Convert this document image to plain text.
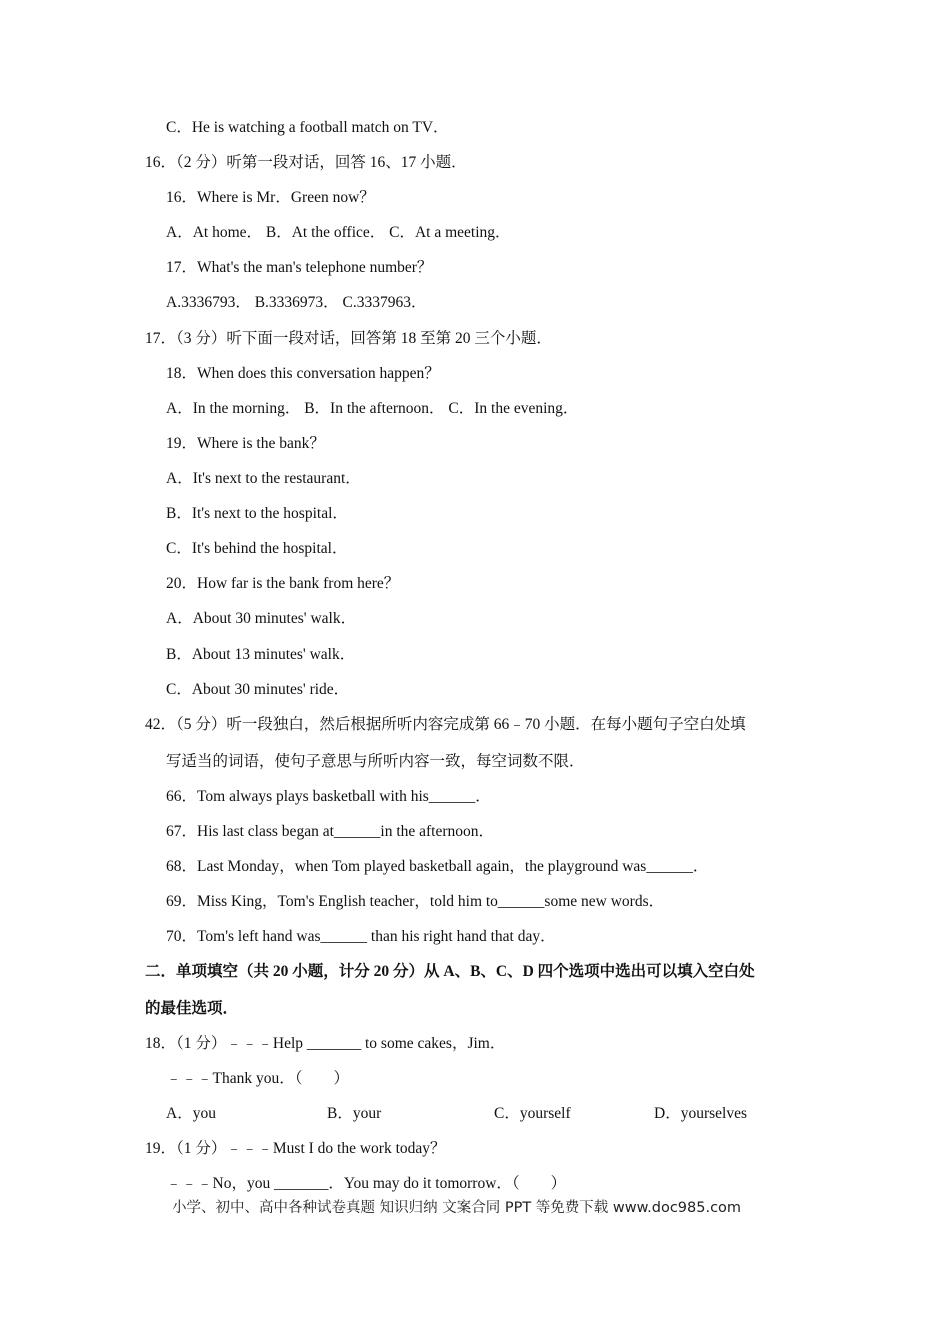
C．He is watching a football match on TV．
16．（2 分）听第一段对话，回答 16、17 小题．
16．Where is Mr．Green now？
A．At home． B．At the office． C．At a meeting．
17．What's the man's telephone number？
A.3336793． B.3336973． C.3337963．
17．（3 分）听下面一段对话，回答第 18 至第 20 三个小题．
18．When does this conversation happen？
A．In the morning． B．In the afternoon． C．In the evening．
19．Where is the bank？
A．It's next to the restaurant．
B．It's next to the hospital．
C．It's behind the hospital．
20．How far is the bank from here？
A．About 30 minutes' walk．
B．About 13 minutes' walk．
C．About 30 minutes' ride．
42．（5 分）听一段独白，然后根据所听内容完成第 66﹣70 小题．在每小题句子空白处填
写适当的词语，使句子意思与所听内容一致，每空词数不限．
66．Tom always plays basketball with his______．
67．His last class began at______in the afternoon．
68．Last Monday，when Tom played basketball again，the playground was______．
69．Miss King，Tom's English teacher，told him to______some new words．
70．Tom's left hand was______ than his right hand that day．
二．单项填空（共 20 小题，计分 20 分）从 A、B、C、D 四个选项中选出可以填入空白处
的最佳选项．
18．（1 分）﹣﹣﹣Help _______ to some cakes，Jim．
﹣﹣﹣Thank you．（　　）
A．you	B．your	C．yourself	D．yourselves
19．（1 分）﹣﹣﹣Must I do the work today？
﹣﹣﹣No，you _______．You may do it tomorrow．（　　）
小学、初中、高中各种试卷真题 知识归纳 文案合同 PPT 等免费下载 www.doc985.com
